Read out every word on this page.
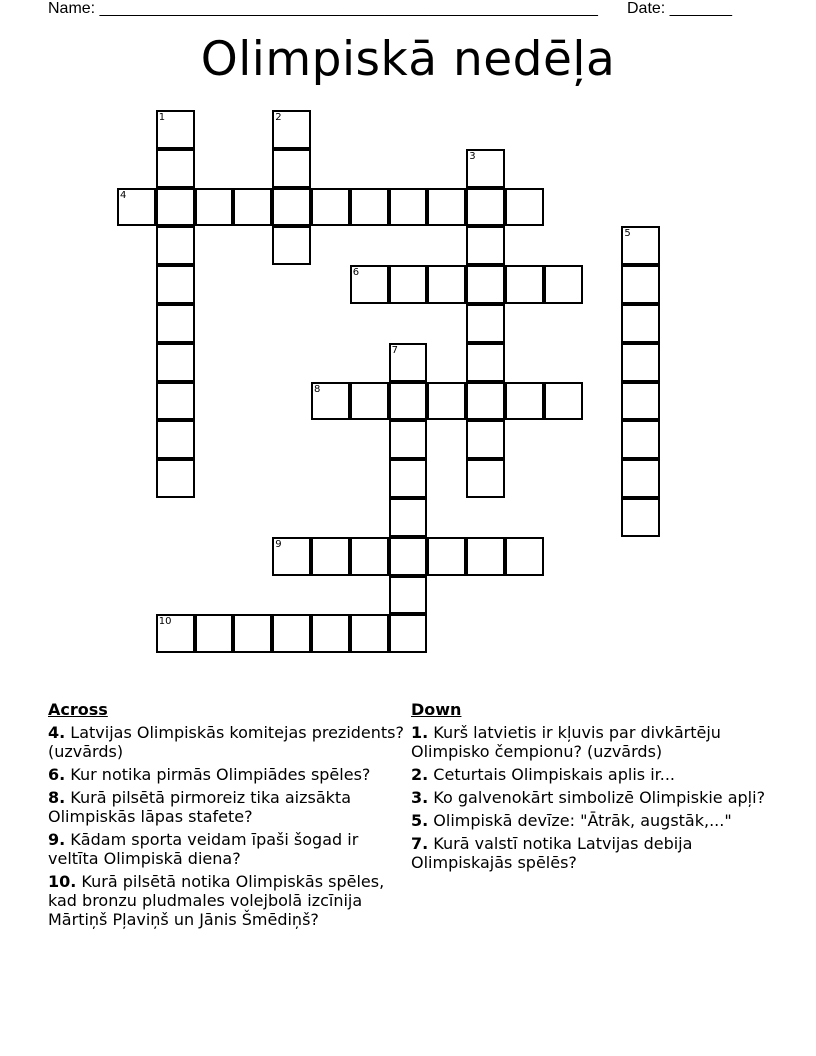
Name: ________________________________________________________ Date: _______
Olimpiskā nedēļa
1	2
3
4
5
6
7
8
9
10
Across
4. Latvijas Olimpiskās komitejas prezidents? (uzvārds)
6. Kur notika pirmās Olimpiādes spēles?
8. Kurā pilsētā pirmoreiz tika aizsākta Olimpiskās lāpas stafete?
9. Kādam sporta veidam īpaši šogad ir veltīta Olimpiskā diena?
10. Kurā pilsētā notika Olimpiskās spēles, kad bronzu pludmales volejbolā izcīnija Mārtiņš Pļaviņš un Jānis Šmēdiņš?
Down
1. Kurš latvietis ir kļuvis par divkārtēju Olimpisko čempionu? (uzvārds)
2. Ceturtais Olimpiskais aplis ir...
3. Ko galvenokārt simbolizē Olimpiskie apļi?
5. Olimpiskā devīze: "Ātrāk, augstāk,..."
7. Kurā valstī notika Latvijas debija Olimpiskajās spēlēs?
